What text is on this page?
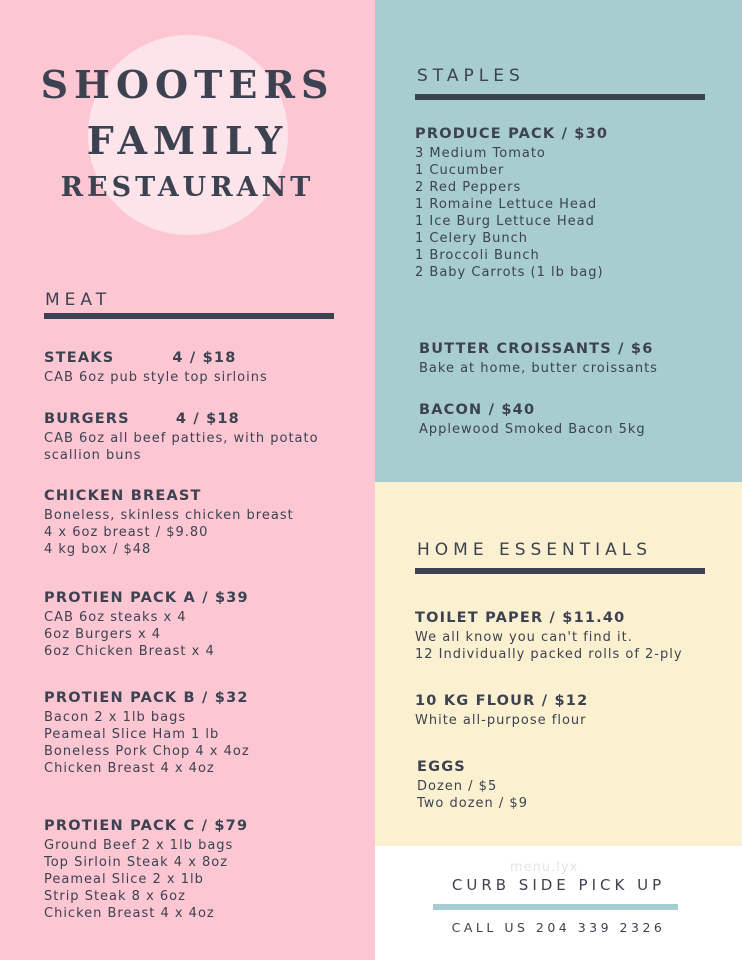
SHOOTERS
FAMILY
RESTAURANT
MEAT
STEAKS	4 / $18
CAB 6oz pub style top sirloins
BURGERS	4 / $18
CAB 6oz all beef patties, with potato
scallion buns
CHICKEN BREAST
Boneless, skinless chicken breast
4 x 6oz breast / $9.80
4 kg box / $48
PROTIEN PACK A / $39
CAB 6oz steaks x 4
6oz Burgers x 4
6oz Chicken Breast x 4
PROTIEN PACK B / $32
Bacon 2 x 1lb bags
Peameal Slice Ham 1 lb
Boneless Pork Chop 4 x 4oz
Chicken Breast 4 x 4oz
PROTIEN PACK C / $79
Ground Beef 2 x 1lb bags
Top Sirloin Steak 4 x 8oz
Peameal Slice 2 x 1lb
Strip Steak 8 x 6oz
Chicken Breast 4 x 4oz
STAPLES
PRODUCE PACK / $30
3 Medium Tomato
1 Cucumber
2 Red Peppers
1 Romaine Lettuce Head
1 Ice Burg Lettuce Head
1 Celery Bunch
1 Broccoli Bunch
2 Baby Carrots (1 lb bag)
BUTTER CROISSANTS / $6
Bake at home, butter croissants
BACON / $40
Applewood Smoked Bacon 5kg
HOME ESSENTIALS
TOILET PAPER / $11.40
We all know you can't find it.
12 Individually packed rolls of 2-ply
10 KG FLOUR / $12
White all-purpose flour
EGGS
Dozen / $5
Two dozen / $9
menu.lyx
CURB SIDE PICK UP
CALL US 204 339 2326
